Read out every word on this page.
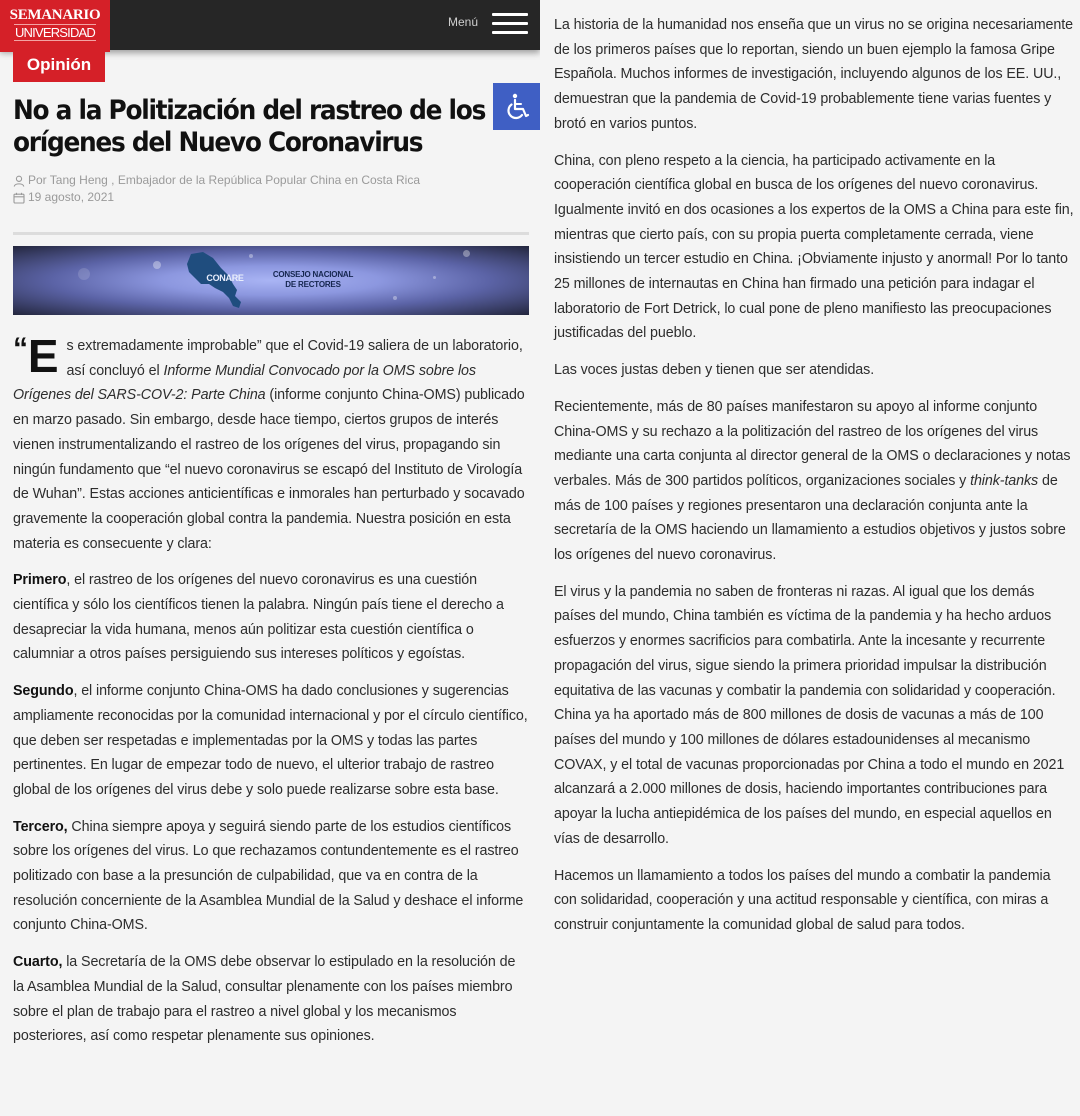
SEMANARIO
UNIVERSIDAD
Menú
Opinión
No a la Politización del rastreo de los
orígenes del Nuevo Coronavirus
Por Tang Heng , Embajador de la República Popular China en Costa Rica
19 agosto, 2021
CONARE	CONSEJO NACIONAL
DE RECTORES

“E s extremadamente improbable” que el Covid-19 saliera de un laboratorio, así concluyó el Informe Mundial Convocado por la OMS sobre los Orígenes del SARS-COV-2: Parte China (informe conjunto China-OMS) publicado en marzo pasado. Sin embargo, desde hace tiempo, ciertos grupos de interés vienen instrumentalizando el rastreo de los orígenes del virus, propagando sin ningún fundamento que “el nuevo coronavirus se escapó del Instituto de Virología de Wuhan”. Estas acciones anticientíficas e inmorales han perturbado y socavado gravemente la cooperación global contra la pandemia. Nuestra posición en esta materia es consecuente y clara:

Primero, el rastreo de los orígenes del nuevo coronavirus es una cuestión científica y sólo los científicos tienen la palabra. Ningún país tiene el derecho a desapreciar la vida humana, menos aún politizar esta cuestión científica o calumniar a otros países persiguiendo sus intereses políticos y egoístas.

Segundo, el informe conjunto China-OMS ha dado conclusiones y sugerencias ampliamente reconocidas por la comunidad internacional y por el círculo científico, que deben ser respetadas e implementadas por la OMS y todas las partes pertinentes. En lugar de empezar todo de nuevo, el ulterior trabajo de rastreo global de los orígenes del virus debe y solo puede realizarse sobre esta base.

Tercero, China siempre apoya y seguirá siendo parte de los estudios científicos sobre los orígenes del virus. Lo que rechazamos contundentemente es el rastreo politizado con base a la presunción de culpabilidad, que va en contra de la resolución concerniente de la Asamblea Mundial de la Salud y deshace el informe conjunto China-OMS.

Cuarto, la Secretaría de la OMS debe observar lo estipulado en la resolución de la Asamblea Mundial de la Salud, consultar plenamente con los países miembro sobre el plan de trabajo para el rastreo a nivel global y los mecanismos posteriores, así como respetar plenamente sus opiniones.

La historia de la humanidad nos enseña que un virus no se origina necesariamente de los primeros países que lo reportan, siendo un buen ejemplo la famosa Gripe Española. Muchos informes de investigación, incluyendo algunos de los EE. UU., demuestran que la pandemia de Covid-19 probablemente tiene varias fuentes y brotó en varios puntos.

China, con pleno respeto a la ciencia, ha participado activamente en la cooperación científica global en busca de los orígenes del nuevo coronavirus. Igualmente invitó en dos ocasiones a los expertos de la OMS a China para este fin, mientras que cierto país, con su propia puerta completamente cerrada, viene insistiendo un tercer estudio en China. ¡Obviamente injusto y anormal! Por lo tanto 25 millones de internautas en China han firmado una petición para indagar el laboratorio de Fort Detrick, lo cual pone de pleno manifiesto las preocupaciones justificadas del pueblo.

Las voces justas deben y tienen que ser atendidas.

Recientemente, más de 80 países manifestaron su apoyo al informe conjunto China-OMS y su rechazo a la politización del rastreo de los orígenes del virus mediante una carta conjunta al director general de la OMS o declaraciones y notas verbales. Más de 300 partidos políticos, organizaciones sociales y think-tanks de más de 100 países y regiones presentaron una declaración conjunta ante la secretaría de la OMS haciendo un llamamiento a estudios objetivos y justos sobre los orígenes del nuevo coronavirus.

El virus y la pandemia no saben de fronteras ni razas. Al igual que los demás países del mundo, China también es víctima de la pandemia y ha hecho arduos esfuerzos y enormes sacrificios para combatirla. Ante la incesante y recurrente propagación del virus, sigue siendo la primera prioridad impulsar la distribución equitativa de las vacunas y combatir la pandemia con solidaridad y cooperación. China ya ha aportado más de 800 millones de dosis de vacunas a más de 100 países del mundo y 100 millones de dólares estadounidenses al mecanismo COVAX, y el total de vacunas proporcionadas por China a todo el mundo en 2021 alcanzará a 2.000 millones de dosis, haciendo importantes contribuciones para apoyar la lucha antiepidémica de los países del mundo, en especial aquellos en vías de desarrollo.

Hacemos un llamamiento a todos los países del mundo a combatir la pandemia con solidaridad, cooperación y una actitud responsable y científica, con miras a construir conjuntamente la comunidad global de salud para todos.
